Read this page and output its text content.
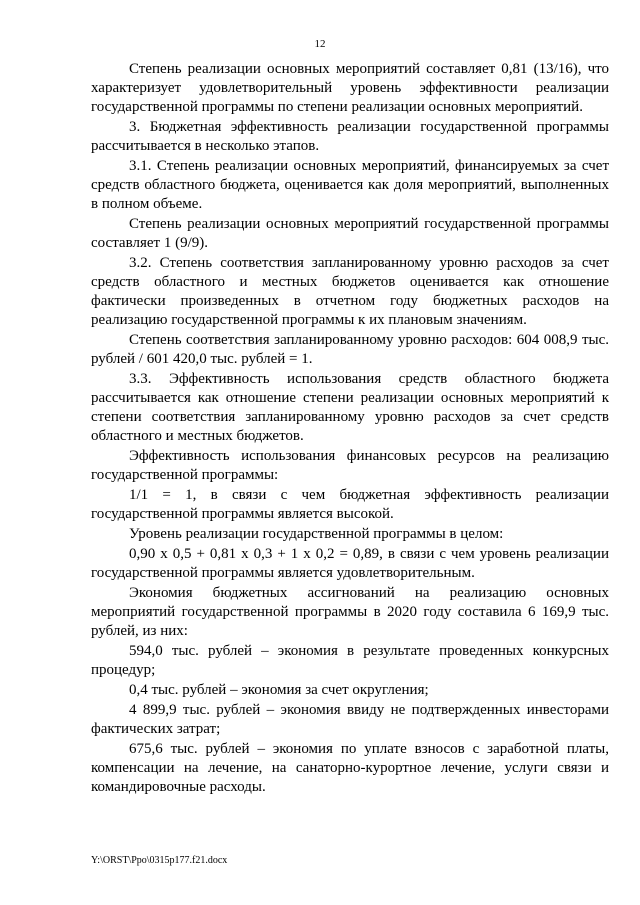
12

Степень реализации основных мероприятий составляет 0,81 (13/16), что характеризует удовлетворительный уровень эффективности реализации государственной программы по степени реализации основных мероприятий.

3. Бюджетная эффективность реализации государственной программы рассчитывается в несколько этапов.

3.1. Степень реализации основных мероприятий, финансируемых за счет средств областного бюджета, оценивается как доля мероприятий, выполненных в полном объеме.

Степень реализации основных мероприятий государственной программы составляет 1 (9/9).

3.2. Степень соответствия запланированному уровню расходов за счет средств областного и местных бюджетов оценивается как отношение фактически произведенных в отчетном году бюджетных расходов на реализацию государственной программы к их плановым значениям.

Степень соответствия запланированному уровню расходов: 604 008,9 тыс. рублей / 601 420,0 тыс. рублей = 1.

3.3. Эффективность использования средств областного бюджета рассчитывается как отношение степени реализации основных мероприятий к степени соответствия запланированному уровню расходов за счет средств областного и местных бюджетов.

Эффективность использования финансовых ресурсов на реализацию государственной программы:

1/1 = 1, в связи с чем бюджетная эффективность реализации государственной программы является высокой.

Уровень реализации государственной программы в целом:

0,90 x 0,5 + 0,81 x 0,3 + 1 x 0,2 = 0,89, в связи с чем уровень реализации государственной программы является удовлетворительным.

Экономия бюджетных ассигнований на реализацию основных мероприятий государственной программы в 2020 году составила 6 169,9 тыс. рублей, из них:

594,0 тыс. рублей – экономия в результате проведенных конкурсных процедур;

0,4 тыс. рублей – экономия за счет округления;

4 899,9 тыс. рублей – экономия ввиду не подтвержденных инвесторами фактических затрат;

675,6 тыс. рублей – экономия по уплате взносов с заработной платы, компенсации на лечение, на санаторно-курортное лечение, услуги связи и командировочные расходы.

Y:\ORST\Ppo\0315p177.f21.docx
